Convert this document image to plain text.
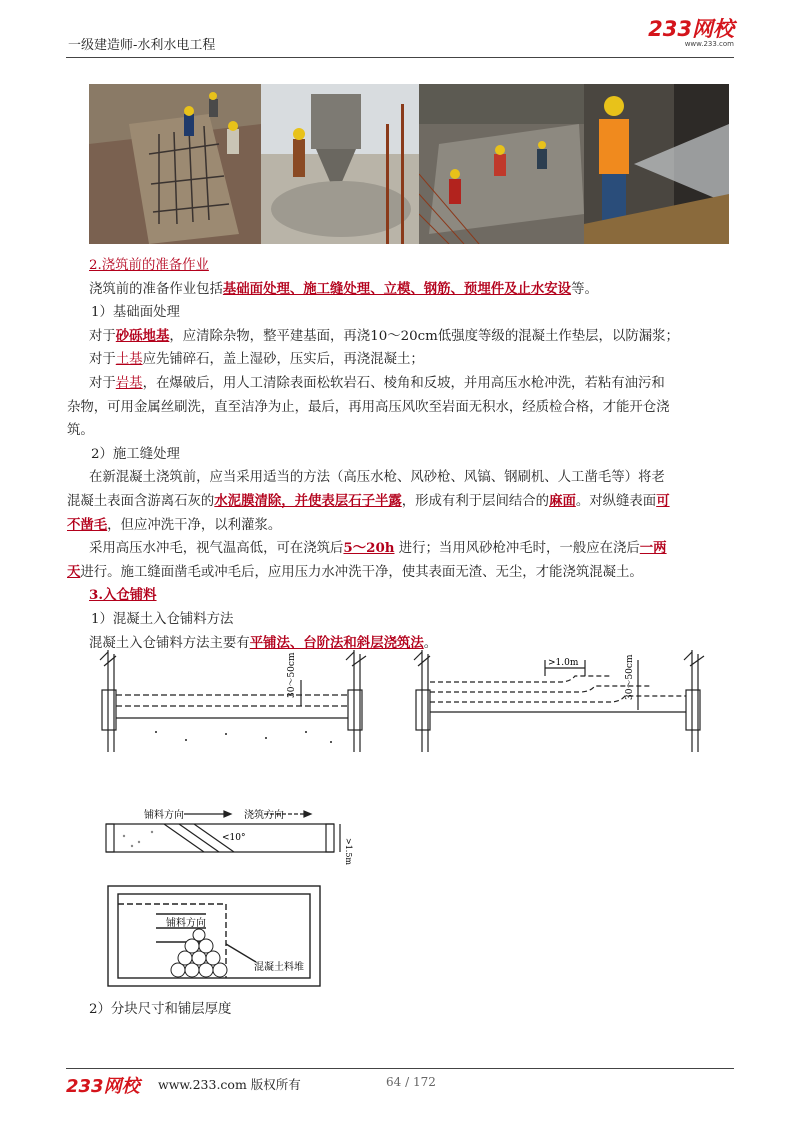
一级建造师-水利水电工程
233网校
www.233.com

2.浇筑前的准备作业

浇筑前的准备作业包括基础面处理、施工缝处理、立模、钢筋、预埋件及止水安设等。

1）基础面处理

对于砂砾地基，应清除杂物，整平建基面，再浇10～20cm低强度等级的混凝土作垫层，以防漏浆；

对于土基应先铺碎石，盖上湿砂，压实后，再浇混凝土；

对于岩基，在爆破后，用人工清除表面松软岩石、棱角和反坡，并用高压水枪冲洗，若粘有油污和
杂物，可用金属丝刷洗，直至洁净为止，最后，再用高压风吹至岩面无积水，经质检合格，才能开仓浇
筑。

2）施工缝处理

在新混凝土浇筑前，应当采用适当的方法（高压水枪、风砂枪、风镐、钢刷机、人工凿毛等）将老
混凝土表面含游离石灰的水泥膜清除，并使表层石子半露，形成有利于层间结合的麻面。对纵缝表面可
不凿毛，但应冲洗干净，以利灌浆。

采用高压水冲毛，视气温高低，可在浇筑后5～20h 进行；当用风砂枪冲毛时，一般应在浇后一两
天进行。施工缝面凿毛或冲毛后，应用压力水冲洗干净，使其表面无渣、无尘，才能浇筑混凝土。

3.入仓铺料

1）混凝土入仓铺料方法

混凝土入仓铺料方法主要有平铺法、台阶法和斜层浇筑法。

30～50cm	>1.0m	30～50cm
铺料方向	浇筑方向
<10°	>1.5m
铺料方向
混凝土料堆
2）分块尺寸和铺层厚度
233网校 www.233.com 版权所有	64 / 172
